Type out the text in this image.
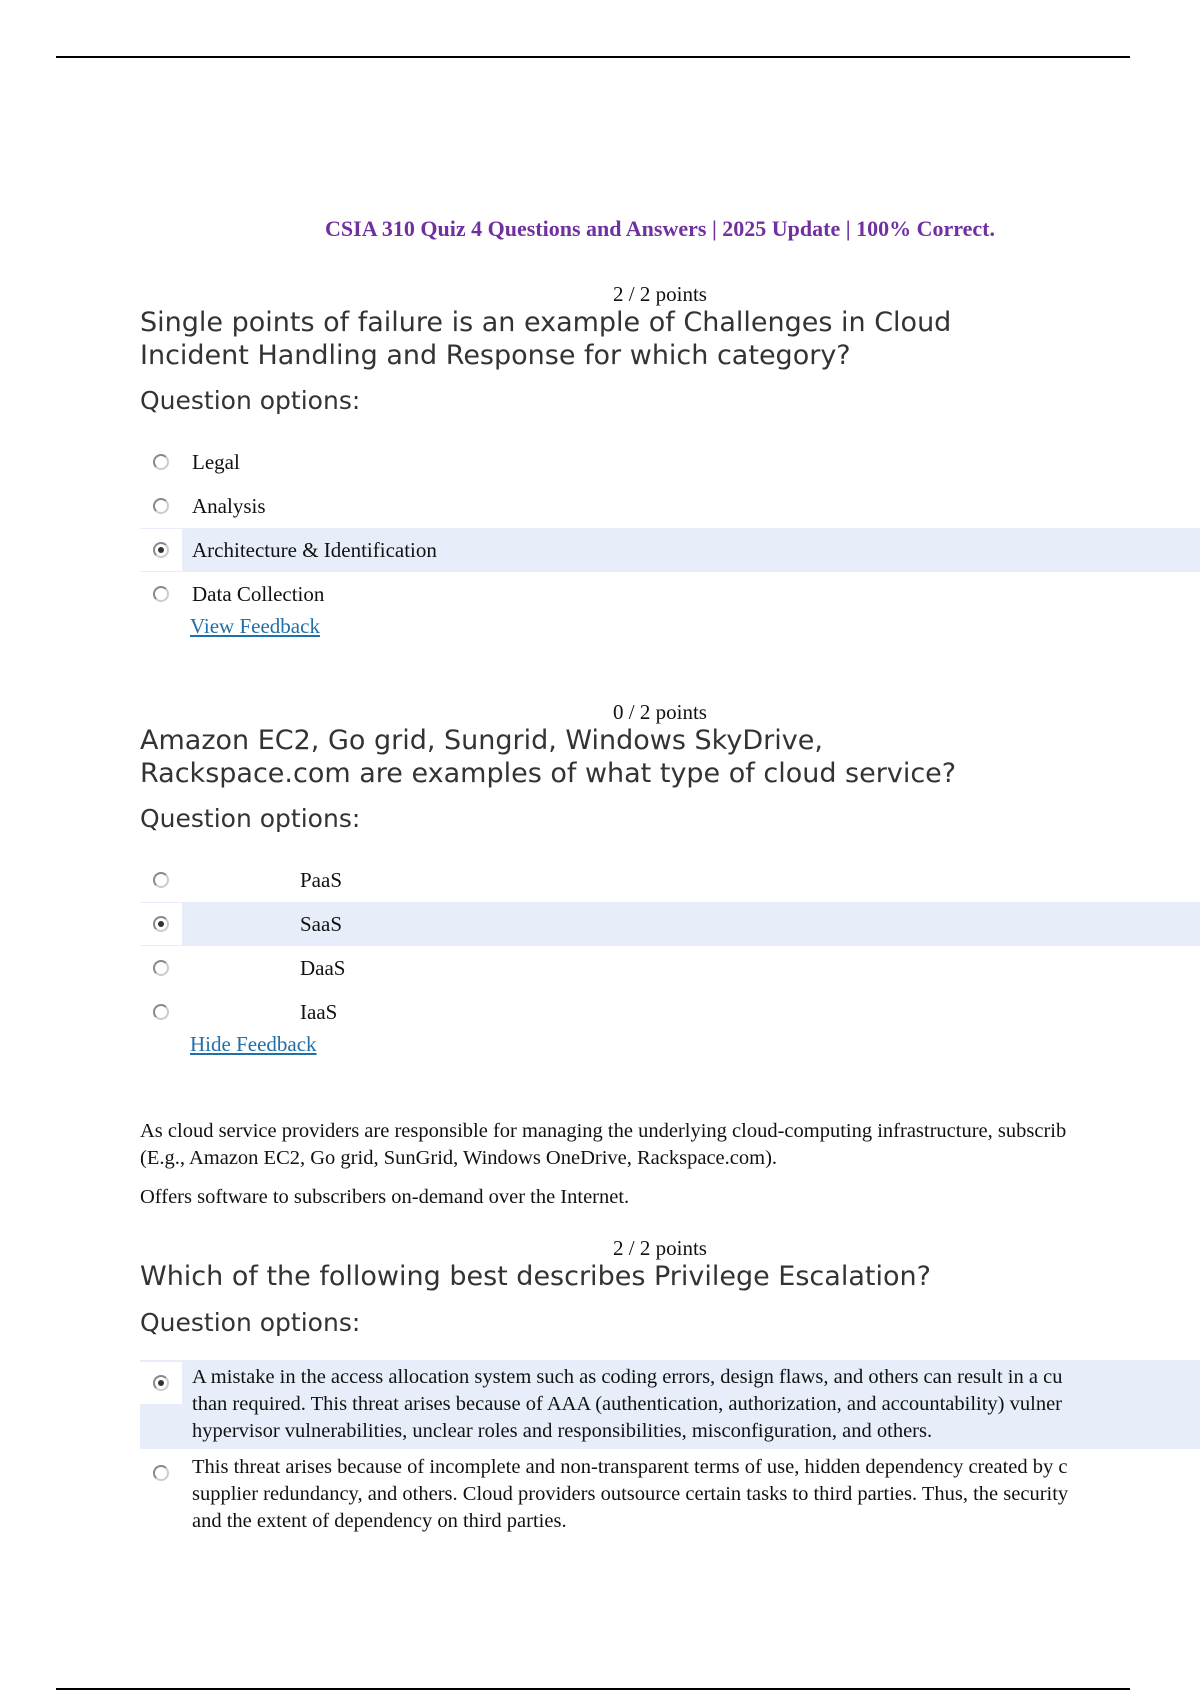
CSIA 310 Quiz 4 Questions and Answers | 2025 Update | 100% Correct.
2 / 2 points
Single points of failure is an example of Challenges in Cloud
Incident Handling and Response for which category?
Question options:
Legal
Analysis
Architecture & Identification
Data Collection
View Feedback
0 / 2 points
Amazon EC2, Go grid, Sungrid, Windows SkyDrive,
Rackspace.com are examples of what type of cloud service?
Question options:
PaaS
SaaS
DaaS
IaaS
Hide Feedback
As cloud service providers are responsible for managing the underlying cloud-computing infrastructure, subscrib
(E.g., Amazon EC2, Go grid, SunGrid, Windows OneDrive, Rackspace.com).
Offers software to subscribers on-demand over the Internet.
2 / 2 points
Which of the following best describes Privilege Escalation?
Question options:
A mistake in the access allocation system such as coding errors, design flaws, and others can result in a cu
than required. This threat arises because of AAA (authentication, authorization, and accountability) vulner
hypervisor vulnerabilities, unclear roles and responsibilities, misconfiguration, and others.
This threat arises because of incomplete and non-transparent terms of use, hidden dependency created by c
supplier redundancy, and others. Cloud providers outsource certain tasks to third parties. Thus, the security
and the extent of dependency on third parties.
